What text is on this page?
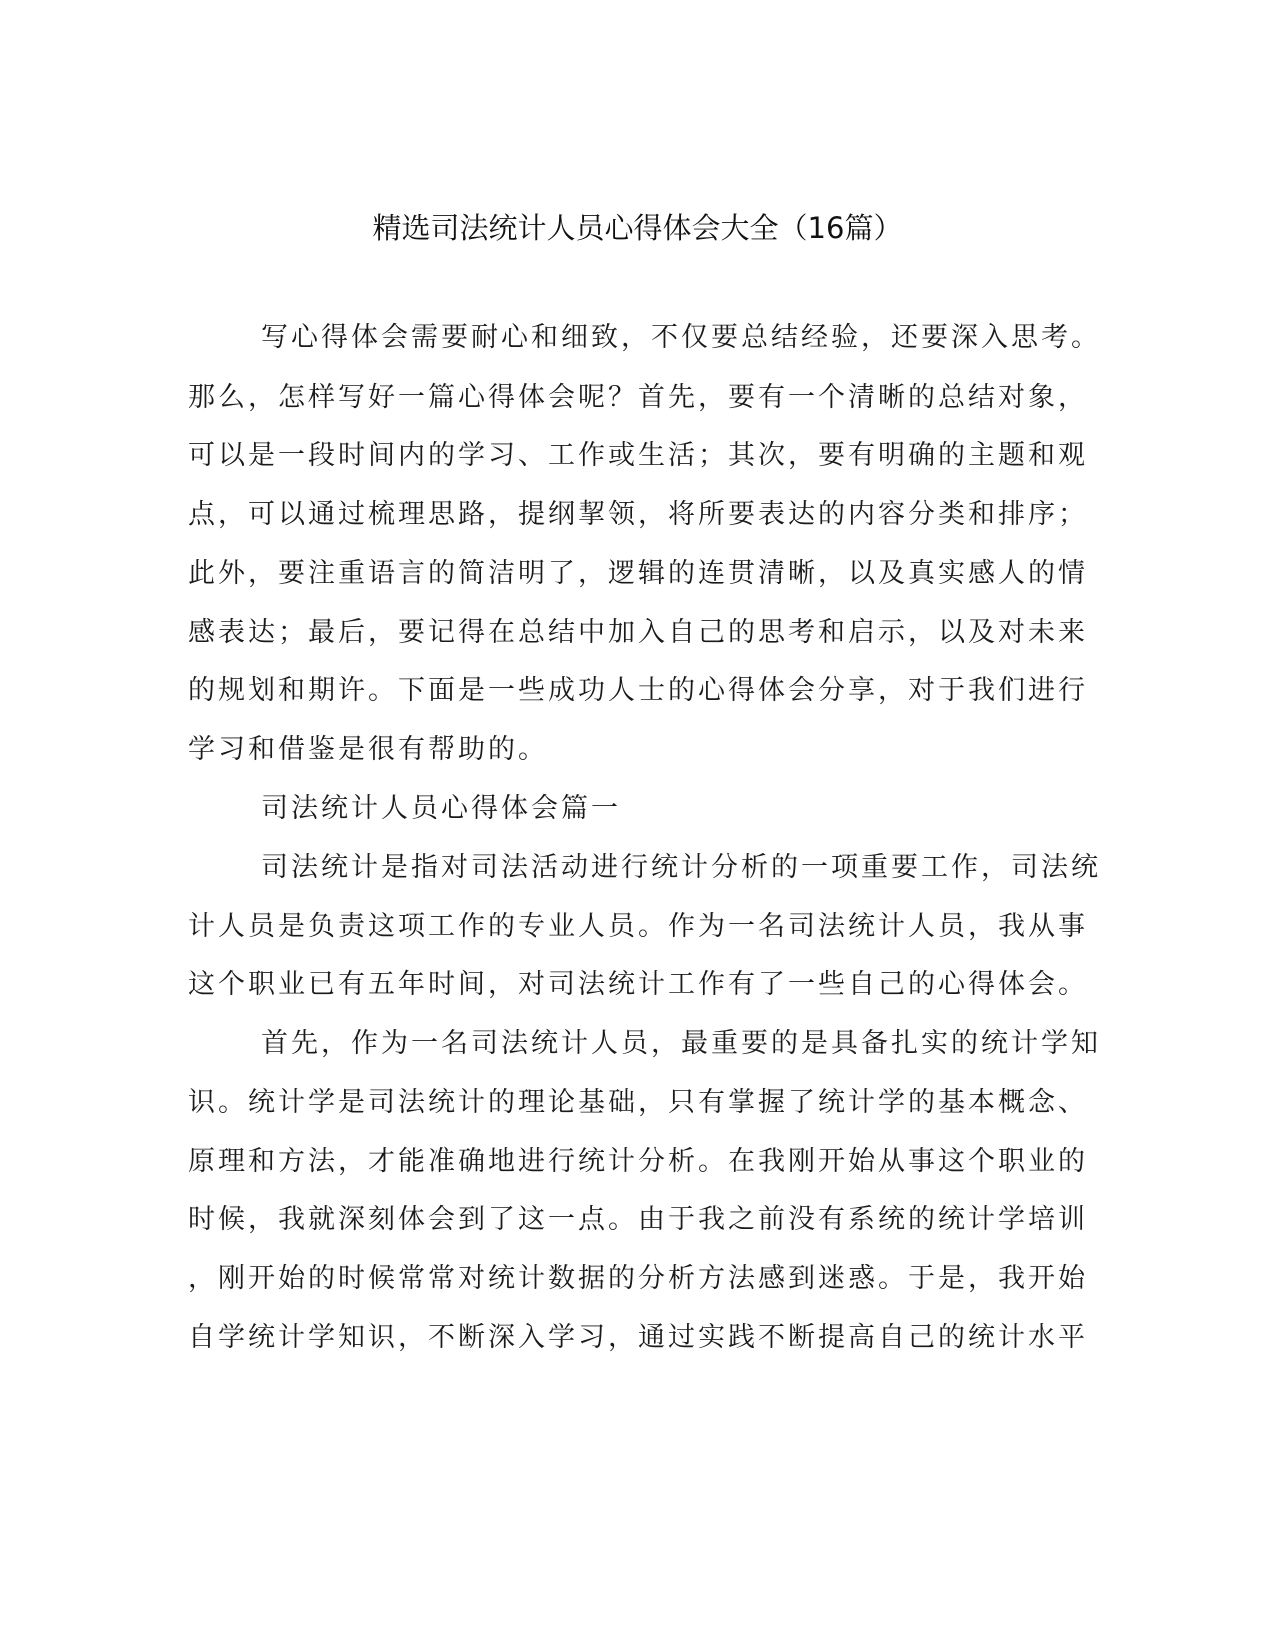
精选司法统计人员心得体会大全（16篇）
写心得体会需要耐心和细致，不仅要总结经验，还要深入思考。
那么，怎样写好一篇心得体会呢？首先，要有一个清晰的总结对象，
可以是一段时间内的学习、工作或生活；其次，要有明确的主题和观
点，可以通过梳理思路，提纲挈领，将所要表达的内容分类和排序；
此外，要注重语言的简洁明了，逻辑的连贯清晰，以及真实感人的情
感表达；最后，要记得在总结中加入自己的思考和启示，以及对未来
的规划和期许。下面是一些成功人士的心得体会分享，对于我们进行
学习和借鉴是很有帮助的。
司法统计人员心得体会篇一
司法统计是指对司法活动进行统计分析的一项重要工作，司法统
计人员是负责这项工作的专业人员。作为一名司法统计人员，我从事
这个职业已有五年时间，对司法统计工作有了一些自己的心得体会。
首先，作为一名司法统计人员，最重要的是具备扎实的统计学知
识。统计学是司法统计的理论基础，只有掌握了统计学的基本概念、
原理和方法，才能准确地进行统计分析。在我刚开始从事这个职业的
时候，我就深刻体会到了这一点。由于我之前没有系统的统计学培训
，刚开始的时候常常对统计数据的分析方法感到迷惑。于是，我开始
自学统计学知识，不断深入学习，通过实践不断提高自己的统计水平
